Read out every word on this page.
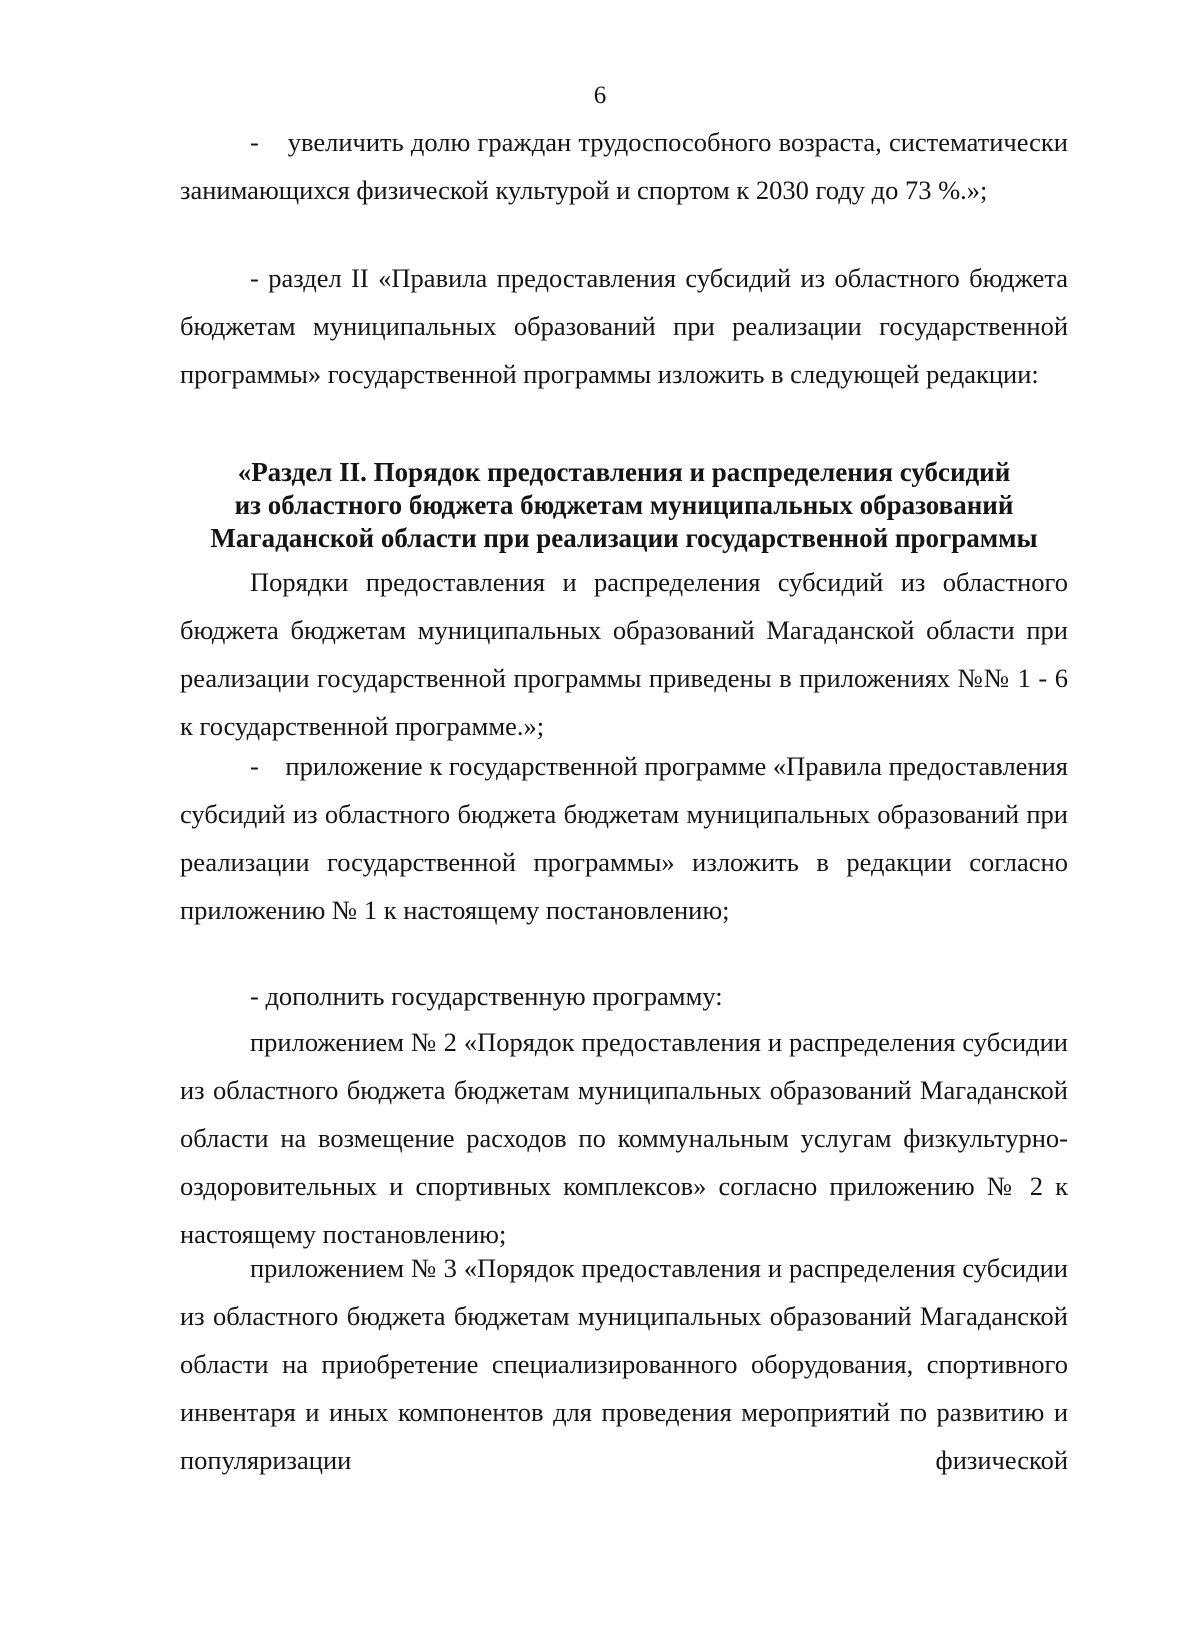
6

-    увеличить долю граждан трудоспособного возраста, систематически занимающихся физической культурой и спортом к 2030 году до 73 %.»;

- раздел II «Правила предоставления субсидий из областного бюджета бюджетам муниципальных образований при реализации государственной программы» государственной программы изложить в следующей редакции:

«Раздел II. Порядок предоставления и распределения субсидий
из областного бюджета бюджетам муниципальных образований
Магаданской области при реализации государственной программы

Порядки предоставления и распределения субсидий из областного бюджета бюджетам муниципальных образований Магаданской области при реализации государственной программы приведены в приложениях №№ 1 - 6 к государственной программе.»;

-    приложение к государственной программе «Правила предоставления субсидий из областного бюджета бюджетам муниципальных образований при реализации государственной программы» изложить в редакции согласно приложению № 1 к настоящему постановлению;

- дополнить государственную программу:

приложением № 2 «Порядок предоставления и распределения субсидии из областного бюджета бюджетам муниципальных образований Магаданской области на возмещение расходов по коммунальным услугам физкультурно-оздоровительных и спортивных комплексов» согласно приложению № 2 к настоящему постановлению;

приложением № 3 «Порядок предоставления и распределения субсидии из областного бюджета бюджетам муниципальных образований Магаданской области на приобретение специализированного оборудования, спортивного инвентаря и иных компонентов для проведения мероприятий по развитию и популяризации физической
